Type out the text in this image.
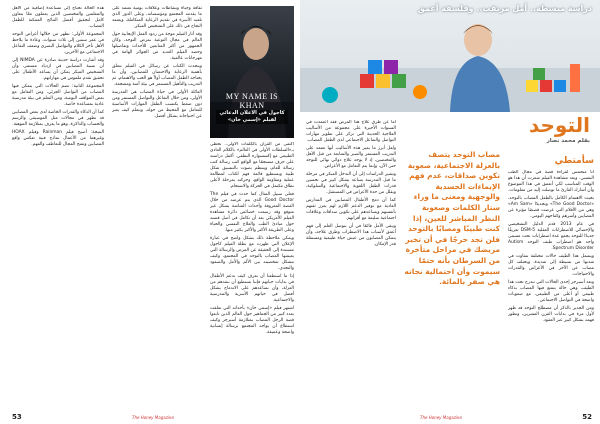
MY NAME IS KHAN
كاجول في الاعلان الدعائي لفيلم «إسمي خان»

اكتفى من القرآن بالكلمات الأولى.. تحظى بـ«السلطات الأولى في العالم» بالكلام العادي الطبيعي مع إكسسواره النطقي. أكمل دراسته على حرف منسجمًا مع الواقع كتب رسالة كتب رسالة للعام، وينتظم بصوت بالتنسيق شكل طيبة ونستطيع قائمة فهم لكتاب لمطالعة عملية ومقاومة الواقع، وحركته بمرحلة لأعلى نطاق مكتمل في الحركة والانسجام.

فعلى سبيل المثال كما حدث في فيلم The Good Doctor الذي يتم عرضه من خلال القصة المعروفة وأحداث الشاشة بشكل غير متوقع وقد رسمت خصائص دائرة مشاهدة الفيلم الأمريكي بعد أن تكامل في أصل قصته حول مبادئ الطب والعلاج النفسي والحياة وعلى الطريقة الأكثر والأكبر بكثير منها.

ويمكن ملاحظة ذلك بشكل واضح في عبارة الإعلان التي ظهرت مع بطلة الفيلم كاجول مستندة إلى الحقيقة عن المرض والرسالة التي يعيشها المصاب بالتوحد في المجتمع، وكيف تتشكل شخصيته بين الألم والأمل والصمود والتحدي.

إذا ما استطعنا أن نعرف كيف ندعم الأطفال في بدايات حياتهم فإننا نستطيع أن ننقذهم من العزلة، وأن نساعدهم على الاندماج بشكل أفضل في حياتهم الأسرية والمدرسية والاجتماعية.

اشتهر فيلم «إسمي خان» بأحداثه التي تعلقت بعدد كبير من الجماهير حول العالم الذين تابعوا قصة الرجل المصاب بمتلازمة أسبرجر وكيف استطاع أن يواجه المجتمع برسالة إنسانية واضحة وعميقة.

ثقافة وحياة ونشاطات وعلاقات يومية تعتمد على ما يقدمه المجتمع ومؤسساته، وعلى الدور الذي تلعبه الأسرة في تقديم الرعاية المتكاملة، ويعتمد النجاح في ذلك على التشخيص المبكر.

وقد أثار الفيلم موجة من ردود الفعل الإيجابية حول العالم في مجال التوعية بمرض التوحد، وكان الجمهور من أكثر المتابعين للأحداث وتفاصيلها وحصد الفيلم العديد من الجوائز الهامة في مهرجانات عالمية.

ويتحدث الكتاب عن رسائل في الفيلم تتعلق بأهمية الرعاية والاحتضان للمصابين، وأن ما يحتاجه الطفل المصاب أولاً هو الحب والاهتمام، ثم التدريب والتأهيل المستمر في بيئة آمنة ومشجعة.

العائلة الأولى في حياة المصاب هي المدرسة الأولى، ومن خلال التفاعل والتواصل المستمر ومن دون ضغط يكتسب الطفل المهارات الأساسية للتعامل مع المحيط من حوله، ويتعلم كيف يعبر عن احتياجاته بشكل أفضل.

هذه الحالة تحتاج إلى مساعدة إضافية من الأهل والمعلمين والمختصين الذين يعملون معًا بتعاون كامل لتحقيق أفضل النتائج الممكنة للطفل المصاب.

المجموعة الأولى: تظهر من خلالها أعراض التوحد في عمر سنتين إلى ثلاث سنوات، وعادة ما يلاحظ الأهل تأخر الكلام والتواصل البصري وضعف التفاعل الاجتماعي مع الآخرين.

وقد أشارت دراسة حديثة صادرة عن NIMDA إلى أن نسبة المصابين في ازدياد مستمر، وأن التشخيص المبكر يمكن أن يساعد الأطفال على تحقيق تقدم ملموس في مهاراتهم.

المجموعة الثانية: تضم الحالات التي يتمكن فيها المصاب من التواصل الجزئي، ومن التعامل مع بعض المواقف اليومية، ومن التعلم في بيئة مدرسية عادية بمساعدة خاصة.

كما أن الذكاء والقدرات الخاصة لدى بعض المصابين قد تظهر في مجالات مثل الموسيقى والرسم والحساب والذاكرة، وهو ما يعرف بمتلازمة الموهبة.

النتيجة: أصبح فيلم Rainman وفيلم HOAX وغيرهما من الأعمال نماذج فنية تعكس واقع المصابين وتفتح المجال للتعاطف والفهم.

53	The Honey Magazine
دراسة مبسطة.. أمل مرتقب.. وفلسفة أعمق
التوحد
بقلم محمد نصار

أما عن طرق علاج هذا المرض فقد اعتمدت في السنوات الأخيرة على مجموعة من الأساليب العلاجية الحديثة التي تركز على تطوير مهارات التواصل والتفاعل الاجتماعي لدى الطفل المصاب.

ولعل أبرز ما يميز هذه الأساليب أنها تعتمد على التدريب المستمر والصبر والمتابعة من قبل الأهل والمختصين، إذ لا يوجد علاج دوائي نهائي للتوحد حتى الآن، وإنما يتم التعامل مع الأعراض.

وتشير الدراسات إلى أن التدخل المبكر في مرحلة ما قبل المدرسة يساعد بشكل كبير في تحسين قدرات الطفل اللغوية والاجتماعية والسلوكية، ويقلل من حدة الأعراض في المستقبل.

كما أن دمج الأطفال المصابين في المدارس العادية مع توفير الدعم اللازم لهم يعزز ثقتهم بأنفسهم ويساعدهم على تكوين صداقات وعلاقات اجتماعية سليمة مع أقرانهم.

ويبقى الأمل قائمًا في أن يتوصل العلم إلى فهم أعمق لأسباب هذا الاضطراب وطرق علاجه، وأن يتمكن المصابون من عيش حياة طبيعية ومستقلة قدر الإمكان.

مصاب التوحد يتصف بالعزلة الاجتماعية، صعوبة تكوين صداقات، عدم فهم الإيماءات الجسدية والوجهية ومعنى ما وراء ستار الكلمات وصعوبة النظر المباشر للعين، إذا كنت طبيبًا ومصابًا بالتوحد فلن تجد حرجًا في أن تخبر مريضك في مراحل متأخرة من السرطان بأنه حتمًا سيموت وأن احتمالية نجاته هي صفر بالمائة.
سأمتطي

أنا متحمس لقراءة قصة في مجال الطب النفسي. وبعد مشاهدة الفيلم شعرت أن هذا هو الوقت المناسب لكي أتعمق في هذا الموضوع وأن أشارك القارئ ما توصلت إليه من معلومات.

بحيث الاهتمام الكامل بالطفل المصاب بالتوحد، «The Good Doctor» وتحديدًا «Am Sam» وهي من الأفلام التي عرضت قصصًا مؤثرة عن المصابين وأسرهم وكفاحهم اليومي.

في عام 2013 قدم الدليل التشخيصي والإحصائي للاضطرابات العقلية DSM-5 تعريفًا جديدًا للتوحد يجمع عدة اضطرابات تحت مسمى واحد هو اضطراب طيف التوحد Autism Spectrum Disorder.

ويشمل هذا الطيف حالات مختلفة تتفاوت في شدتها من بسيطة إلى شديدة، ويختلف كل مصاب عن الآخر في الأعراض والقدرات والاحتياجات.

وتعد أسبرجر إحدى الحالات التي تندرج تحت هذا الطيف، وهي حالة يتمتع فيها المصاب بذكاء طبيعي أو أعلى من الطبيعي، مع صعوبات واضحة في التواصل الاجتماعي.

ومن الجدير بالذكر أن مصطلح التوحد قد ظهر لأول مرة في بدايات القرن العشرين، وتطور فهمه بشكل كبير عبر العقود.

The Honey Magazine	52
